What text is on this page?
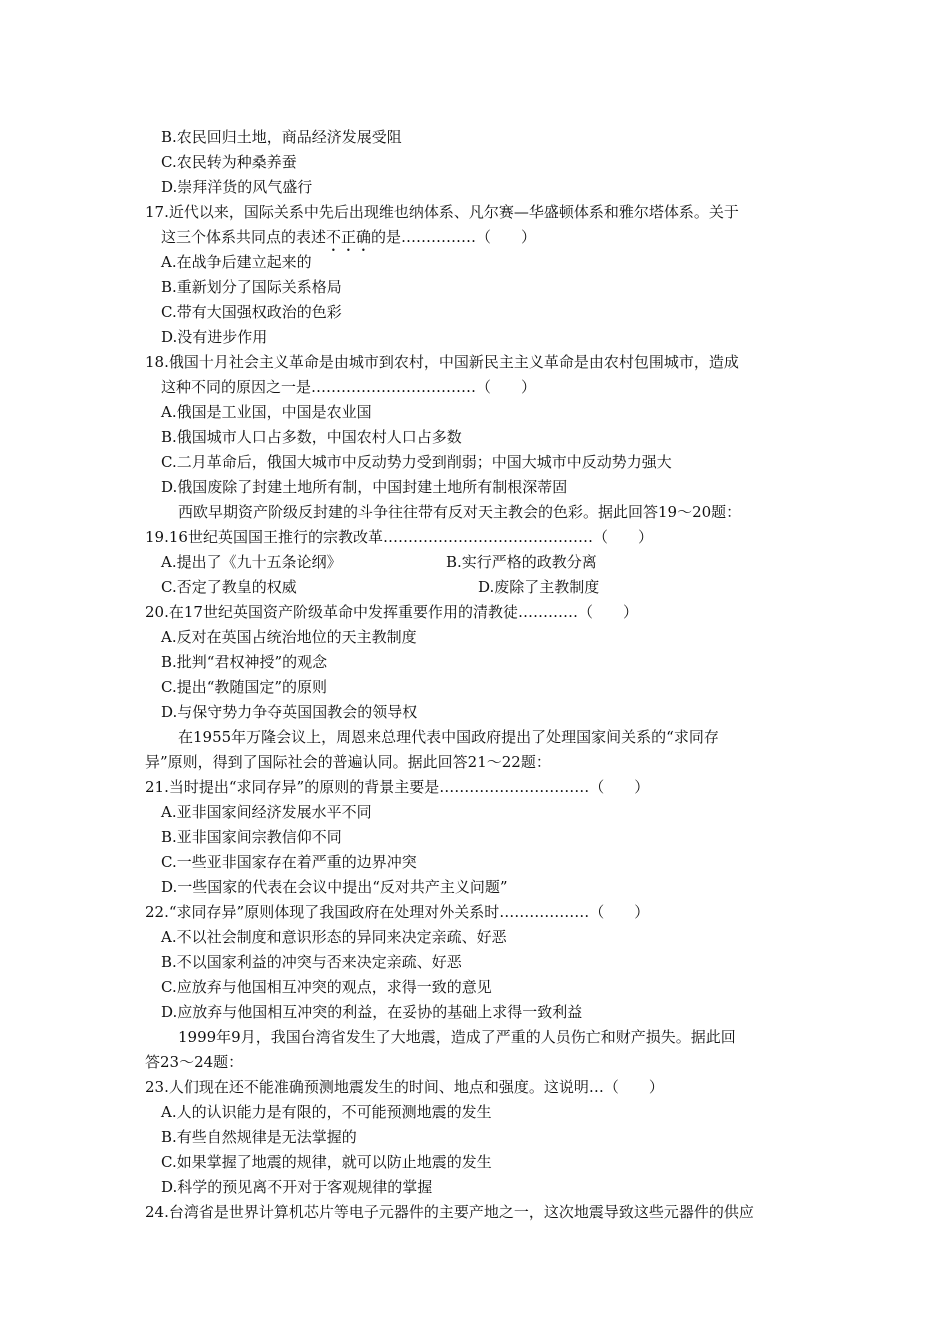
B.农民回归土地，商品经济发展受阻
C.农民转为种桑养蚕
D.崇拜洋货的风气盛行
17.近代以来，国际关系中先后出现维也纳体系、凡尔赛—华盛顿体系和雅尔塔体系。关于
这三个体系共同点的表述不正确的是……………（　　）
A.在战争后建立起来的
B.重新划分了国际关系格局
C.带有大国强权政治的色彩
D.没有进步作用
18.俄国十月社会主义革命是由城市到农村，中国新民主主义革命是由农村包围城市，造成
这种不同的原因之一是……………………………（　　）
A.俄国是工业国，中国是农业国
B.俄国城市人口占多数，中国农村人口占多数
C.二月革命后，俄国大城市中反动势力受到削弱；中国大城市中反动势力强大
D.俄国废除了封建土地所有制，中国封建土地所有制根深蒂固
西欧早期资产阶级反封建的斗争往往带有反对天主教会的色彩。据此回答19～20题：
19.16世纪英国国王推行的宗教改革……………………………………（　　）
A.提出了《九十五条论纲》	B.实行严格的政教分离
C.否定了教皇的权威	D.废除了主教制度
20.在17世纪英国资产阶级革命中发挥重要作用的清教徒…………（　　）
A.反对在英国占统治地位的天主教制度
B.批判“君权神授”的观念
C.提出“教随国定”的原则
D.与保守势力争夺英国国教会的领导权
在1955年万隆会议上，周恩来总理代表中国政府提出了处理国家间关系的“求同存
异”原则，得到了国际社会的普遍认同。据此回答21～22题：
21.当时提出“求同存异”的原则的背景主要是…………………………（　　）
A.亚非国家间经济发展水平不同
B.亚非国家间宗教信仰不同
C.一些亚非国家存在着严重的边界冲突
D.一些国家的代表在会议中提出“反对共产主义问题”
22.“求同存异”原则体现了我国政府在处理对外关系时………………（　　）
A.不以社会制度和意识形态的异同来决定亲疏、好恶
B.不以国家利益的冲突与否来决定亲疏、好恶
C.应放弃与他国相互冲突的观点，求得一致的意见
D.应放弃与他国相互冲突的利益，在妥协的基础上求得一致利益
1999年9月，我国台湾省发生了大地震，造成了严重的人员伤亡和财产损失。据此回
答23～24题：
23.人们现在还不能准确预测地震发生的时间、地点和强度。这说明…（　　）
A.人的认识能力是有限的，不可能预测地震的发生
B.有些自然规律是无法掌握的
C.如果掌握了地震的规律，就可以防止地震的发生
D.科学的预见离不开对于客观规律的掌握
24.台湾省是世界计算机芯片等电子元器件的主要产地之一，这次地震导致这些元器件的供应
